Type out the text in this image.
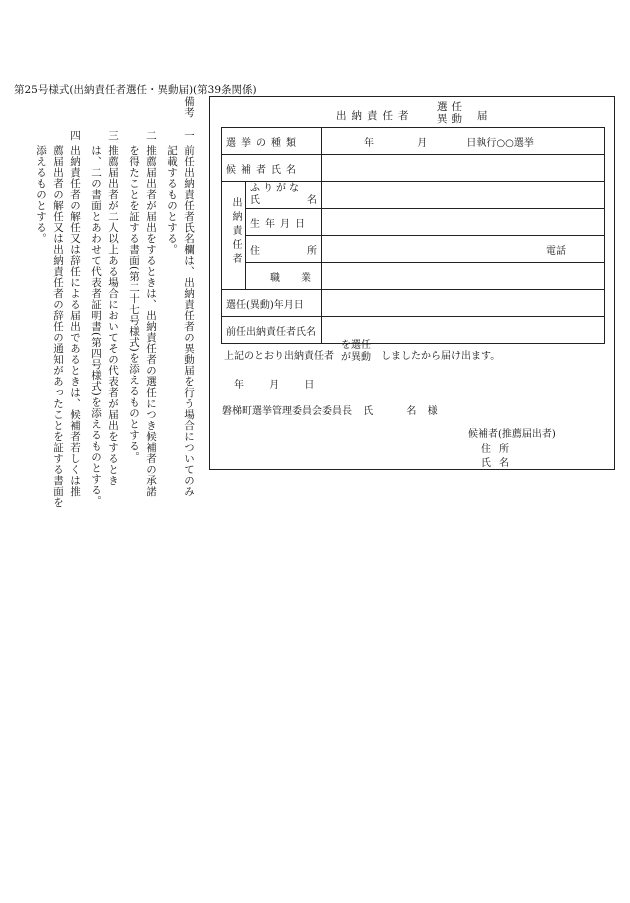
第25号様式(出納責任者選任・異動届)(第39条関係)
備考
一
前任出納責任者氏名欄は、出納責任者の異動届を行う場合についてのみ
記載するものとする。
二
推薦届出者が届出をするときは、出納責任者の選任につき候補者の承諾
を得たことを証する書面(第二十七号様式)を添えるものとする。
三
推薦届出者が二人以上ある場合においてその代表者が届出をするとき
は、二の書面とあわせて代表者証明書(第四号様式)を添えるものとする。
四
出納責任者の解任又は辞任による届出であるときは、候補者若しくは推
薦届出者の解任又は出納責任者の辞任の通知があったことを証する書面を
添えるものとする。
出納責任者
選任
異動 届
選挙の種類		年 月 日執行○○選挙
候補者氏名		
出納責任者	ふりがな
氏 名	

	生年月日	

	住 所	電話

	職 業	

選任(異動)年月日		
前任出納責任者氏名		
上記のとおり出納責任者
を選任
が異動 しましたから届け出ます。
年	月	日
磐梯町選挙管理委員会委員長 氏	名 様
候補者(推薦届出者)
住所
氏名
